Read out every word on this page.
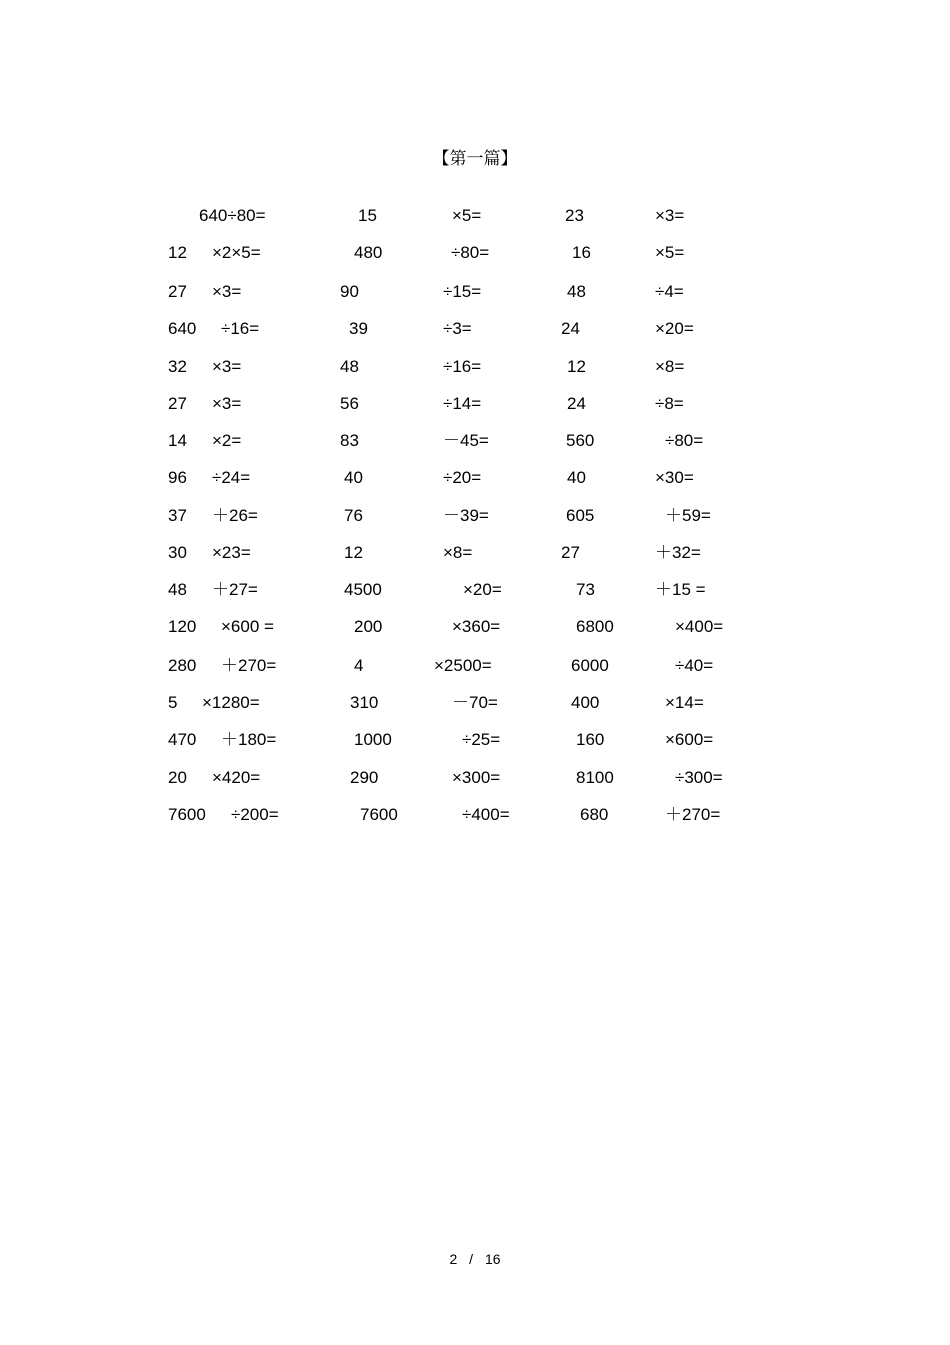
【第一篇】
640÷80=	15	×5=	23	×3=
12 ×2×5=	480	÷80=	16	×5=
27 ×3=	90	÷15=	48	÷4=
640 ÷16=	39	÷3=	24	×20=
32 ×3=	48	÷16=	12	×8=
27 ×3=	56	÷14=	24	÷8=
14 ×2=	83	－45=	560	÷80=
96 ÷24=	40	÷20=	40	×30=
37 ＋26=	76	－39=	605	＋59=
30 ×23=	12	×8=	27	＋32=
48 ＋27=	4500	×20=	73	＋15 =
120 ×600 =	200	×360=	6800	×400=
280 ＋270=	4	×2500=	6000	÷40=
5 ×1280=	310	－70=	400	×14=
470 ＋180=	1000	÷25=	160	×600=
20 ×420=	290	×300=	8100	÷300=
7600 ÷200=	7600	÷400=	680	＋270=
2 / 16
